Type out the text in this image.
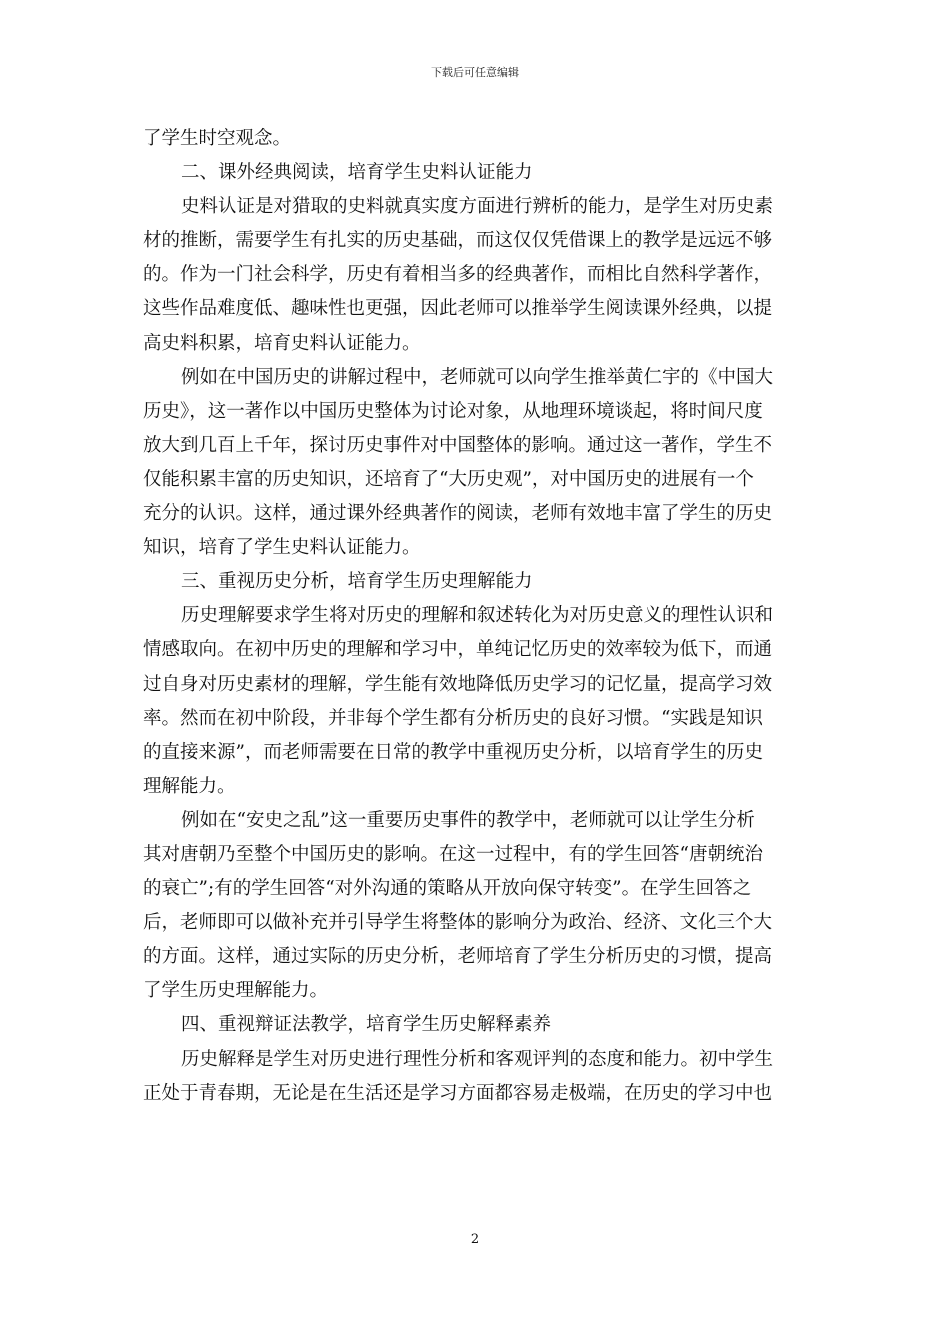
下载后可任意编辑
了学生时空观念。
二、课外经典阅读，培育学生史料认证能力
史料认证是对猎取的史料就真实度方面进行辨析的能力，是学生对历史素
材的推断，需要学生有扎实的历史基础，而这仅仅凭借课上的教学是远远不够
的。作为一门社会科学，历史有着相当多的经典著作，而相比自然科学著作，
这些作品难度低、趣味性也更强，因此老师可以推举学生阅读课外经典，以提
高史料积累，培育史料认证能力。
例如在中国历史的讲解过程中，老师就可以向学生推举黄仁宇的《中国大
历史》，这一著作以中国历史整体为讨论对象，从地理环境谈起，将时间尺度
放大到几百上千年，探讨历史事件对中国整体的影响。通过这一著作，学生不
仅能积累丰富的历史知识，还培育了“大历史观”，对中国历史的进展有一个
充分的认识。这样，通过课外经典著作的阅读，老师有效地丰富了学生的历史
知识，培育了学生史料认证能力。
三、重视历史分析，培育学生历史理解能力
历史理解要求学生将对历史的理解和叙述转化为对历史意义的理性认识和
情感取向。在初中历史的理解和学习中，单纯记忆历史的效率较为低下，而通
过自身对历史素材的理解，学生能有效地降低历史学习的记忆量，提高学习效
率。然而在初中阶段，并非每个学生都有分析历史的良好习惯。“实践是知识
的直接来源”，而老师需要在日常的教学中重视历史分析，以培育学生的历史
理解能力。
例如在“安史之乱”这一重要历史事件的教学中，老师就可以让学生分析
其对唐朝乃至整个中国历史的影响。在这一过程中，有的学生回答“唐朝统治
的衰亡”;有的学生回答“对外沟通的策略从开放向保守转变”。在学生回答之
后，老师即可以做补充并引导学生将整体的影响分为政治、经济、文化三个大
的方面。这样，通过实际的历史分析，老师培育了学生分析历史的习惯，提高
了学生历史理解能力。
四、重视辩证法教学，培育学生历史解释素养
历史解释是学生对历史进行理性分析和客观评判的态度和能力。初中学生
正处于青春期，无论是在生活还是学习方面都容易走极端，在历史的学习中也
2
